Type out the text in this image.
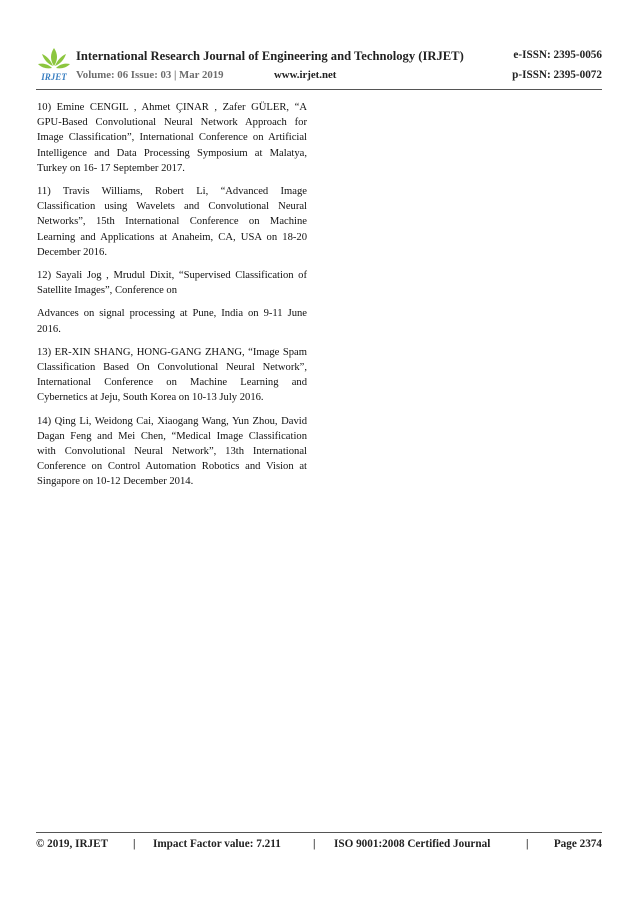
IRJET
International Research Journal of Engineering and Technology (IRJET)	e-ISSN: 2395-0056
Volume: 06 Issue: 03 | Mar 2019	www.irjet.net	p-ISSN: 2395-0072

10) Emine CENGIL , Ahmet ÇINAR , Zafer GÜLER, “A GPU-Based Convolutional Neural Network Approach for Image Classification”, International Conference on Artificial Intelligence and Data Processing Symposium at Malatya, Turkey on 16- 17 September 2017.

11) Travis Williams, Robert Li, “Advanced Image Classification using Wavelets and Convolutional Neural Networks”, 15th International Conference on Machine Learning and Applications at Anaheim, CA, USA on 18-20 December 2016.

12) Sayali Jog , Mrudul Dixit, “Supervised Classification of Satellite Images”, Conference on

Advances on signal processing at Pune, India on 9-11 June 2016.

13) ER-XIN SHANG, HONG-GANG ZHANG, “Image Spam Classification Based On Convolutional Neural Network”, International Conference on Machine Learning and Cybernetics at Jeju, South Korea on 10-13 July 2016.

14) Qing Li, Weidong Cai, Xiaogang Wang, Yun Zhou, David Dagan Feng and Mei Chen, “Medical Image Classification with Convolutional Neural Network”, 13th International Conference on Control Automation Robotics and Vision at Singapore on 10-12 December 2014.

© 2019, IRJET | Impact Factor value: 7.211	| ISO 9001:2008 Certified Journal	| Page 2374
